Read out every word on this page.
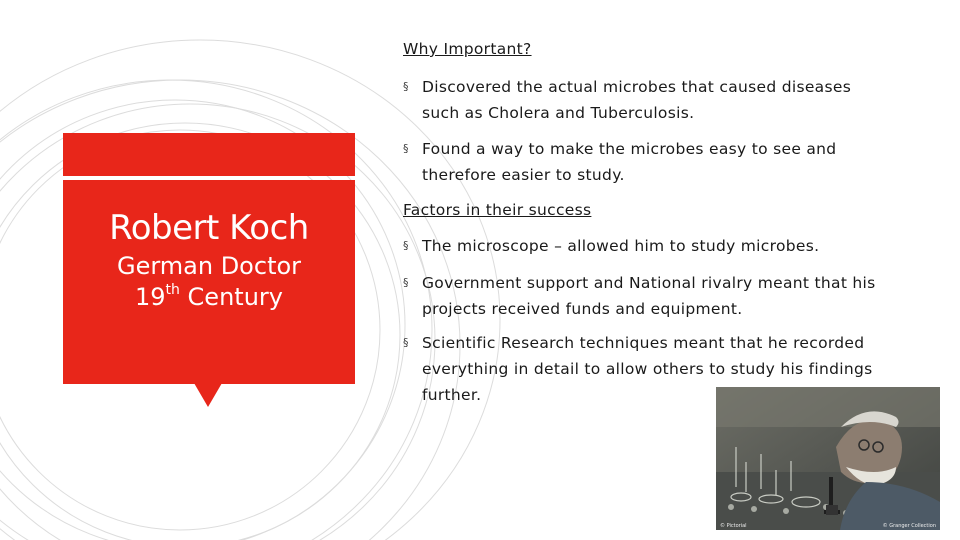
Robert Koch
German Doctor
19th Century
Why Important?
§ Discovered the actual microbes that caused diseases such as Cholera and Tuberculosis.
§ Found a way to make the microbes easy to see and therefore easier to study.
Factors in their success
§ The microscope – allowed him to study microbes.
§ Government support and National rivalry meant that his projects received funds and equipment.
§ Scientific Research techniques meant that he recorded everything in detail to allow others to study his findings further.
© Pictorial	© Granger Collection
